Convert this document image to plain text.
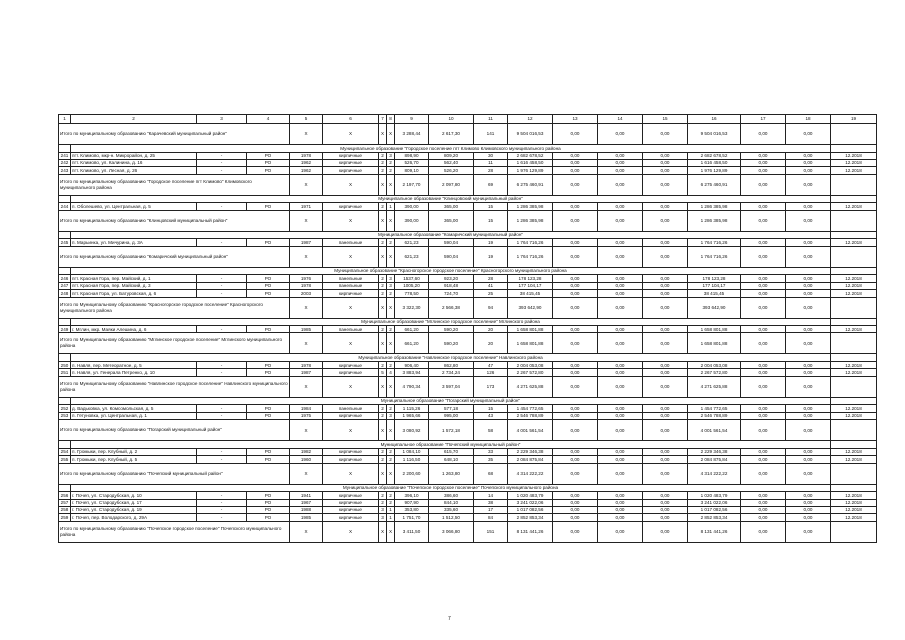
1	2	3	4	5	6	7	8	9	10	11	12	13	14	15	16	17	18	19
Итого по муниципальному образованию "Карачевский муниципальный район"				X	X	X	X	3 288,44	2 617,30	141	9 504 016,53	0,00	0,00	0,00	9 504 016,53	0,00	0,00	
	Муниципальное образование "Городское поселение пгт Климово Климовского муниципального района																	
241	пгт. Климово, мкр-н. Микрорайон, д. 25	-	РО	1978	кирпичные	2	3	898,90	809,20	30	2 682 678,52	0,00	0,00	0,00	2 682 678,52	0,00	0,00	12.2018
242	пгт. Климово, ул. Калинина, д. 16	-	РО	1962	кирпичные	2	2	526,70	562,40	11	1 616 458,50	0,00	0,00	0,00	1 616 458,50	0,00	0,00	12.2018
243	пгт. Климово, ул. Лесная, д. 26	-	РО	1962	кирпичные	2	2	809,10	526,20	28	1 976 129,89	0,00	0,00	0,00	1 976 129,89	0,00	0,00	12.2018
Итого по муниципальному образованию "Городское поселение пгт Климово" Климовского муниципального района				X	X	X	X	2 197,70	2 097,80	69	6 275 460,91	0,00	0,00	0,00	6 275 460,91	0,00	0,00	
	Муниципальное образование "Клинцовский муниципальный район"																	
244	п. Оболешево, ул. Центральная, д. 5	-	РО	1971	кирпичные	2	1	390,00	365,00	15	1 286 385,98	0,00	0,00	0,00	1 286 385,98	0,00	0,00	12.2018
Итого по муниципальному образованию "Клинцовский муниципальный район"				X	X	X	X	390,00	365,00	15	1 286 385,98	0,00	0,00	0,00	1 286 385,98	0,00	0,00	
	Муниципальное образование "Комаричский муниципальный район"																	
245	п. Марьинка, ул. Мичурина, д. 3А	-	РО	1987	панельные	2	2	621,23	590,04	19	1 764 716,26	0,00	0,00	0,00	1 764 716,26	0,00	0,00	12.2018
Итого по муниципальному образованию "Комаричский муниципальный район"				X	X	X	X	621,23	590,04	19	1 764 716,26	0,00	0,00	0,00	1 764 716,26	0,00	0,00	
	Муниципальное образование "Красногорское городское поселение" Красногорского муниципального района																	
246	пгт. Красная Гора, пер. Майский, д. 1	-	РО	1976	панельные	2	3	1537,60	923,20	28	178 123,28	0,00	0,00	0,00	178 123,28	0,00	0,00	12.2018
247	пгт. Красная Гора, пер. Майский, д. 3	-	РО	1978	панельные	2	3	1005,20	918,48	41	177 104,17	0,00	0,00	0,00	177 104,17	0,00	0,00	12.2018
248	пгт. Красная Гора, ул. Батуровская, д. 6	-	РО	2003	кирпичные	2	2	778,50	724,70	25	38 415,45	0,00	0,00	0,00	38 415,45	0,00	0,00	12.2018
Итого по Муниципальному образованию "Красногорское городское поселение" Красногорского муниципального района				X	X	X	X	3 322,30	2 566,38	94	393 642,90	0,00	0,00	0,00	393 642,90	0,00	0,00	
	Муниципальное образование "Мглинское городское поселение" Мглинского района																	
249	г. Мглин, мкр. Маяки Алешина, д. 6	-	РО	1985	панельные	2	2	661,20	590,20	20	1 658 801,88	0,00	0,00	0,00	1 658 801,88	0,00	0,00	12.2018
Итого по Муниципальному образованию "Мглинское городское поселение" Мглинского муниципального района				X	X	X	X	661,20	590,20	20	1 658 801,88	0,00	0,00	0,00	1 658 801,88	0,00	0,00	
	Муниципальное образование "Навлинское городское поселение" Навлинского района																	
250	п. Навля, пер. Метеоратное, д. 5	-	РО	1978	кирпичные	2	2	906,40	862,80	47	2 004 053,08	0,00	0,00	0,00	2 004 053,08	0,00	0,00	12.2018
251	п. Навля, ул. Генерала Петренко, д. 10	-	РО	1987	кирпичные	5	4	3 883,94	2 734,24	126	2 267 572,80	0,00	0,00	0,00	2 267 572,80	0,00	0,00	12.2018
Итого по Муниципальному образованию "Навлинское городское поселение" Навлинского муниципального района				X	X	X	X	4 790,34	3 597,04	173	4 271 625,88	0,00	0,00	0,00	4 271 625,88	0,00	0,00	
	Муниципальное образование "Погарский муниципальный район"																	
252	д. Вадьковка, ул. Комсомольская, д. 5	-	РО	1984	панельные	2	2	1 115,26	577,18	15	1 454 772,65	0,00	0,00	0,00	1 454 772,65	0,00	0,00	12.2018
253	п. Гетуновка, ул. Центральная, д. 1	-	РО	1975	кирпичные	2	3	1 965,66	995,00	43	2 546 788,89	0,00	0,00	0,00	2 546 788,89	0,00	0,00	12.2018
Итого по муниципальному образованию "Погарский муниципальный район"				X	X	X	X	3 080,92	1 572,18	58	4 001 561,54	0,00	0,00	0,00	4 001 561,54	0,00	0,00	
	Муниципальное образование "Почепский муниципальный район"																	
254	п. Громыки, пер. Клубный, д. 2	-	РО	1982	кирпичные	2	2	1 084,10	615,70	33	2 229 346,38	0,00	0,00	0,00	2 229 346,38	0,00	0,00	12.2018
255	п. Громыки, пер. Клубный, д. 5	-	РО	1960	кирпичные	2	2	1 116,50	648,10	35	2 084 875,84	0,00	0,00	0,00	2 084 875,84	0,00	0,00	12.2018
Итого по муниципальному образованию "Почепский муниципальный район"				X	X	X	X	2 200,60	1 263,80	68	4 314 222,22	0,00	0,00	0,00	4 314 222,22	0,00	0,00	
	Муниципальное образование "Почепское городское поселение" Почепского муниципального района																	
256	г. Почеп, ул. Стародубская, д. 10	-	РО	1941	кирпичные	2	2	396,10	386,60	14	1 020 483,79	0,00	0,00	0,00	1 020 483,79	0,00	0,00	12.2018
257	г. Почеп, ул. Стародубская, д. 17	-	РО	1967	кирпичные	2	2	907,90	844,10	38	3 241 022,06	0,00	0,00	0,00	3 241 022,06	0,00	0,00	12.2018
258	г. Почеп, ул. Стародубская, д. 19	-	РО	1988	кирпичные	3	1	353,80	335,60	17	1 017 082,56	0,00	0,00	0,00	1 017 082,56	0,00	0,00	12.2018
259	г. Почеп, пер. Володарского, д. 29А	-	РО	1985	кирпичные	3	1	1 751,70	1 512,50	84	2 852 853,34	0,00	0,00	0,00	2 852 853,34	0,00	0,00	12.2018
Итого по муниципальному образованию "Почепское городское поселение" Почепского муниципального района				X	X	X	X	3 411,50	3 066,80	151	8 131 441,26	0,00	0,00	0,00	8 131 441,26	0,00	0,00	
7
